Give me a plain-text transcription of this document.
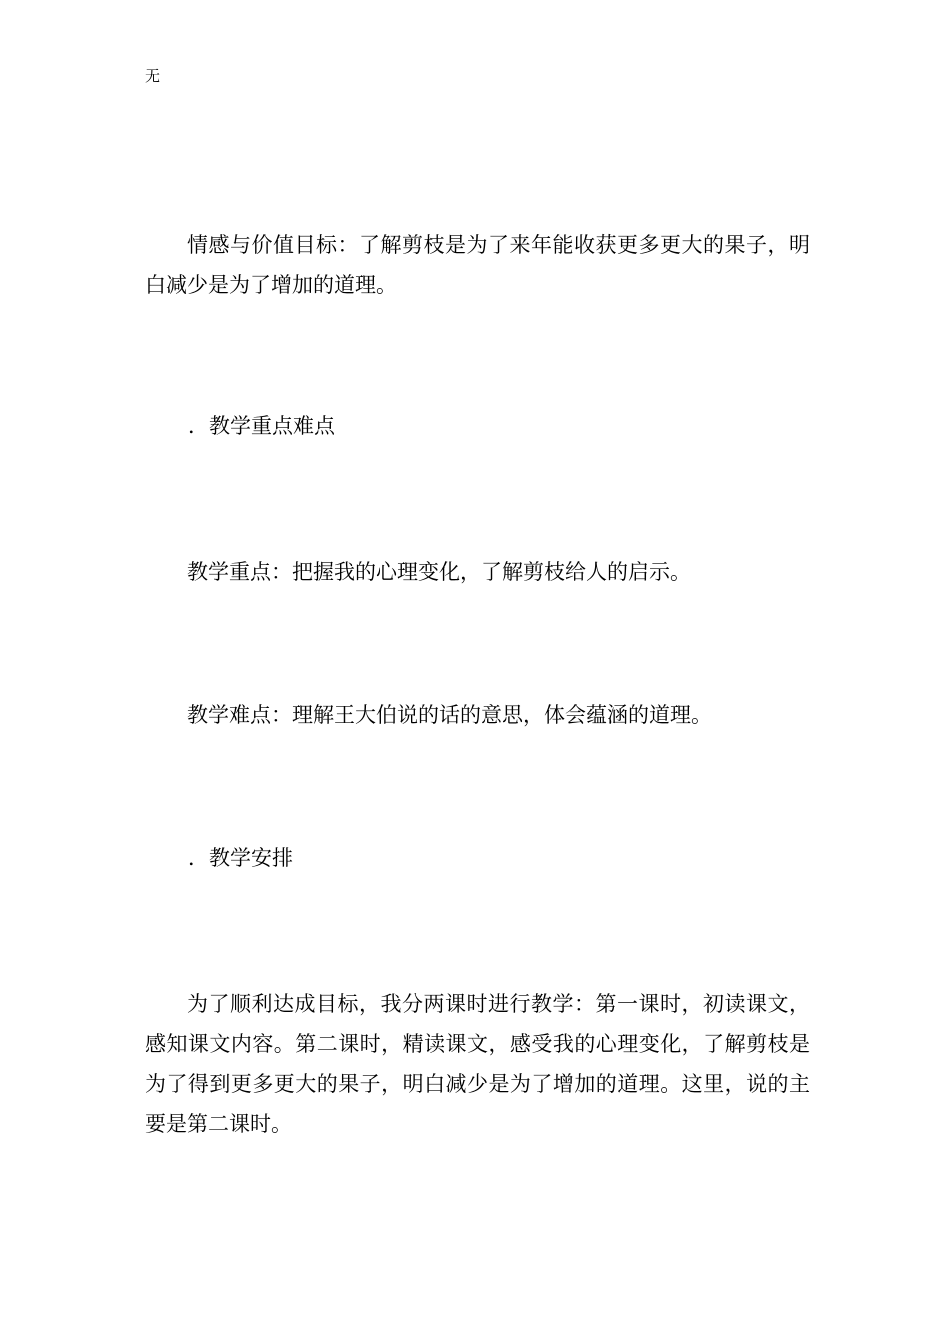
无

情感与价值目标：了解剪枝是为了来年能收获更多更大的果子，明白减少是为了增加的道理。

．教学重点难点

教学重点：把握我的心理变化，了解剪枝给人的启示。

教学难点：理解王大伯说的话的意思，体会蕴涵的道理。

．教学安排

为了顺利达成目标，我分两课时进行教学：第一课时，初读课文，感知课文内容。第二课时，精读课文，感受我的心理变化，了解剪枝是为了得到更多更大的果子，明白减少是为了增加的道理。这里，说的主要是第二课时。
